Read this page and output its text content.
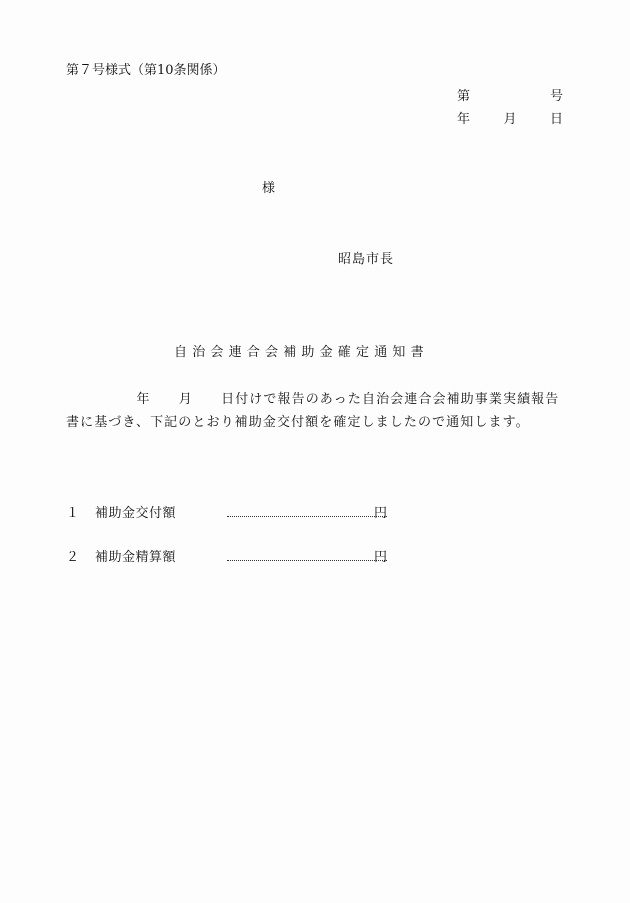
第７号様式（第10条関係）
第	号
年	月	日
様
昭島市長
自治会連合会補助金確定通知書
　　　　　年　　月　　日付けで報告のあった自治会連合会補助事業実績報告書に基づき、下記のとおり補助金交付額を確定しましたので通知します。
１ 補助金交付額	円
２ 補助金精算額	円
